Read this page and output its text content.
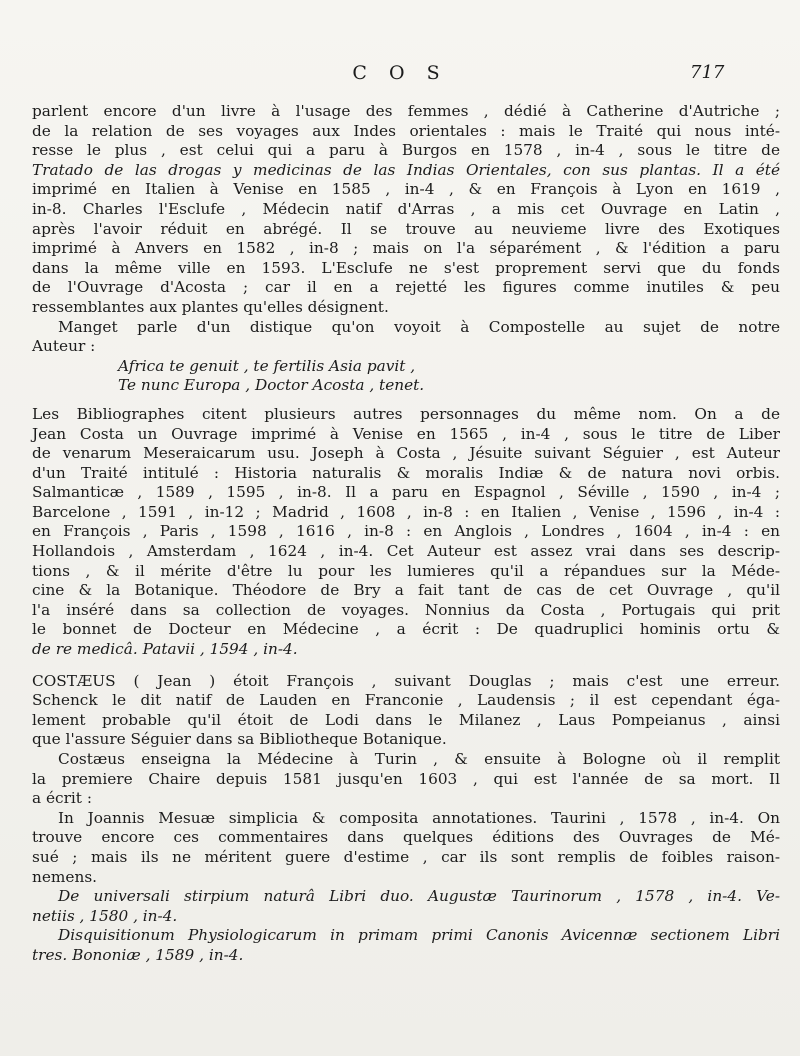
C O S	717
parlent encore d'un livre à l'usage des femmes , dédié à Catherine d'Autriche ;
de la relation de ses voyages aux Indes orientales : mais le Traité qui nous inté-
resse le plus , est celui qui a paru à Burgos en 1578 , in-4 , sous le titre de
Tratado de las drogas y medicinas de las Indias Orientales, con sus plantas. Il a été
imprimé en Italien à Venise en 1585 , in-4 , & en François à Lyon en 1619 ,
in-8. Charles l'Esclufe , Médecin natif d'Arras , a mis cet Ouvrage en Latin ,
après l'avoir réduit en abrégé. Il se trouve au neuvieme livre des Exotiques
imprimé à Anvers en 1582 , in-8 ; mais on l'a séparément , & l'édition a paru
dans la même ville en 1593. L'Esclufe ne s'est proprement servi que du fonds
de l'Ouvrage d'Acosta ; car il en a rejetté les figures comme inutiles & peu
ressemblantes aux plantes qu'elles désignent.
Manget parle d'un distique qu'on voyoit à Compostelle au sujet de notre
Auteur :
Africa te genuit , te fertilis Asia pavit ,
Te nunc Europa , Doctor Acosta , tenet.
Les Bibliographes citent plusieurs autres personnages du même nom. On a de
Jean Costa un Ouvrage imprimé à Venise en 1565 , in-4 , sous le titre de Liber
de venarum Meseraicarum usu. Joseph à Costa , Jésuite suivant Séguier , est Auteur
d'un Traité intitulé : Historia naturalis & moralis Indiæ & de natura novi orbis.
Salmanticæ , 1589 , 1595 , in-8. Il a paru en Espagnol , Séville , 1590 , in-4 ;
Barcelone , 1591 , in-12 ; Madrid , 1608 , in-8 : en Italien , Venise , 1596 , in-4 :
en François , Paris , 1598 , 1616 , in-8 : en Anglois , Londres , 1604 , in-4 : en
Hollandois , Amsterdam , 1624 , in-4. Cet Auteur est assez vrai dans ses descrip-
tions , & il mérite d'être lu pour les lumieres qu'il a répandues sur la Méde-
cine & la Botanique. Théodore de Bry a fait tant de cas de cet Ouvrage , qu'il
l'a inséré dans sa collection de voyages. Nonnius da Costa , Portugais qui prit
le bonnet de Docteur en Médecine , a écrit : De quadruplici hominis ortu &
de re medicâ. Patavii , 1594 , in-4.
COSTÆUS ( Jean ) étoit François , suivant Douglas ; mais c'est une erreur.
Schenck le dit natif de Lauden en Franconie , Laudensis ; il est cependant éga-
lement probable qu'il étoit de Lodi dans le Milanez , Laus Pompeianus , ainsi
que l'assure Séguier dans sa Bibliotheque Botanique.
Costæus enseigna la Médecine à Turin , & ensuite à Bologne où il remplit
la premiere Chaire depuis 1581 jusqu'en 1603 , qui est l'année de sa mort. Il
a écrit :
In Joannis Mesuæ simplicia & composita annotationes. Taurini , 1578 , in-4. On
trouve encore ces commentaires dans quelques éditions des Ouvrages de Mé-
sué ; mais ils ne méritent guere d'estime , car ils sont remplis de foibles raison-
nemens.
De universali stirpium naturâ Libri duo. Augustæ Taurinorum , 1578 , in-4. Ve-
netiis , 1580 , in-4.
Disquisitionum Physiologicarum in primam primi Canonis Avicennæ sectionem Libri
tres. Bononiæ , 1589 , in-4.
